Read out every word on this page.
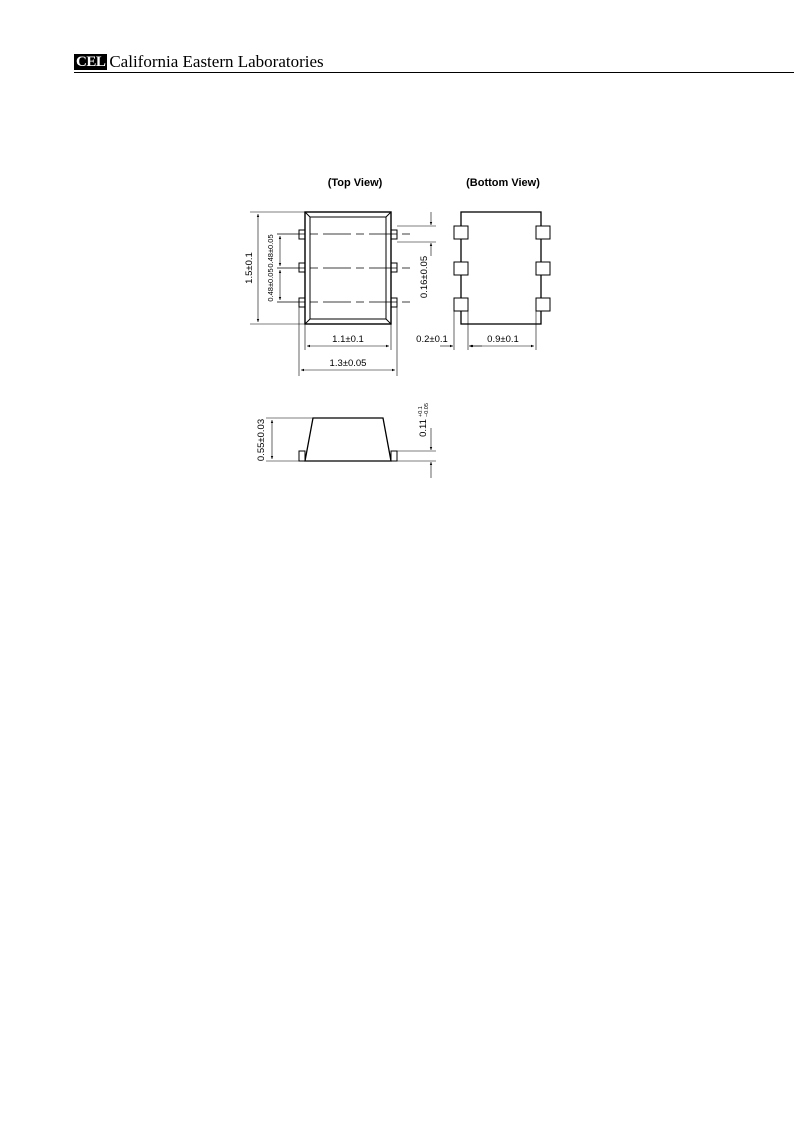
CEL California Eastern Laboratories
(Top View)	(Bottom View)
1.5±0.1
0.48±0.05
0.48±0.05	0.16±0.05
1.1±0.1
1.3±0.05
0.2±0.1	0.9±0.1
0.55±0.03	0.11
+0.1 −0.05
